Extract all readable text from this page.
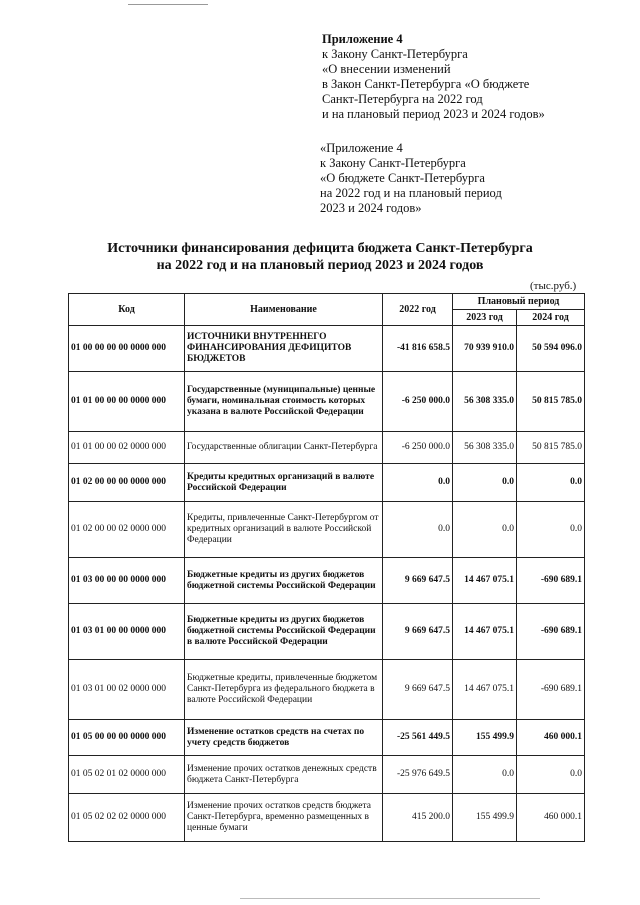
Приложение 4
к Закону Санкт-Петербурга
«О внесении изменений
в Закон Санкт-Петербурга «О бюджете
Санкт-Петербурга на 2022 год
и на плановый период 2023 и 2024 годов»
«Приложение 4
к Закону Санкт-Петербурга
«О бюджете Санкт-Петербурга
на 2022 год и на плановый период
2023 и 2024 годов»
Источники финансирования дефицита бюджета Санкт-Петербурга
на 2022 год и на плановый период 2023 и 2024 годов
(тыс.руб.)
Код	Наименование	2022 год	Плановый период	
			2023 год	2024 год
01 00 00 00 00 0000 000	ИСТОЧНИКИ ВНУТРЕННЕГО ФИНАНСИРОВАНИЯ ДЕФИЦИТОВ БЮДЖЕТОВ	-41 816 658.5	70 939 910.0	50 594 096.0
01 01 00 00 00 0000 000	Государственные (муниципальные) ценные бумаги, номинальная стоимость которых указана в валюте Российской Федерации	-6 250 000.0	56 308 335.0	50 815 785.0
01 01 00 00 02 0000 000	Государственные облигации Санкт-Петербурга	-6 250 000.0	56 308 335.0	50 815 785.0
01 02 00 00 00 0000 000	Кредиты кредитных организаций в валюте Российской Федерации	0.0	0.0	0.0
01 02 00 00 02 0000 000	Кредиты, привлеченные Санкт-Петербургом от кредитных организаций в валюте Российской Федерации	0.0	0.0	0.0
01 03 00 00 00 0000 000	Бюджетные кредиты из других бюджетов бюджетной системы Российской Федерации	9 669 647.5	14 467 075.1	-690 689.1
01 03 01 00 00 0000 000	Бюджетные кредиты из других бюджетов бюджетной системы Российской Федерации в валюте Российской Федерации	9 669 647.5	14 467 075.1	-690 689.1
01 03 01 00 02 0000 000	Бюджетные кредиты, привлеченные бюджетом Санкт-Петербурга из федерального бюджета в валюте Российской Федерации	9 669 647.5	14 467 075.1	-690 689.1
01 05 00 00 00 0000 000	Изменение остатков средств на счетах по учету средств бюджетов	-25 561 449.5	155 499.9	460 000.1
01 05 02 01 02 0000 000	Изменение прочих остатков денежных средств бюджета Санкт-Петербурга	-25 976 649.5	0.0	0.0
01 05 02 02 02 0000 000	Изменение прочих остатков средств бюджета Санкт-Петербурга, временно размещенных в ценные бумаги	415 200.0	155 499.9	460 000.1
